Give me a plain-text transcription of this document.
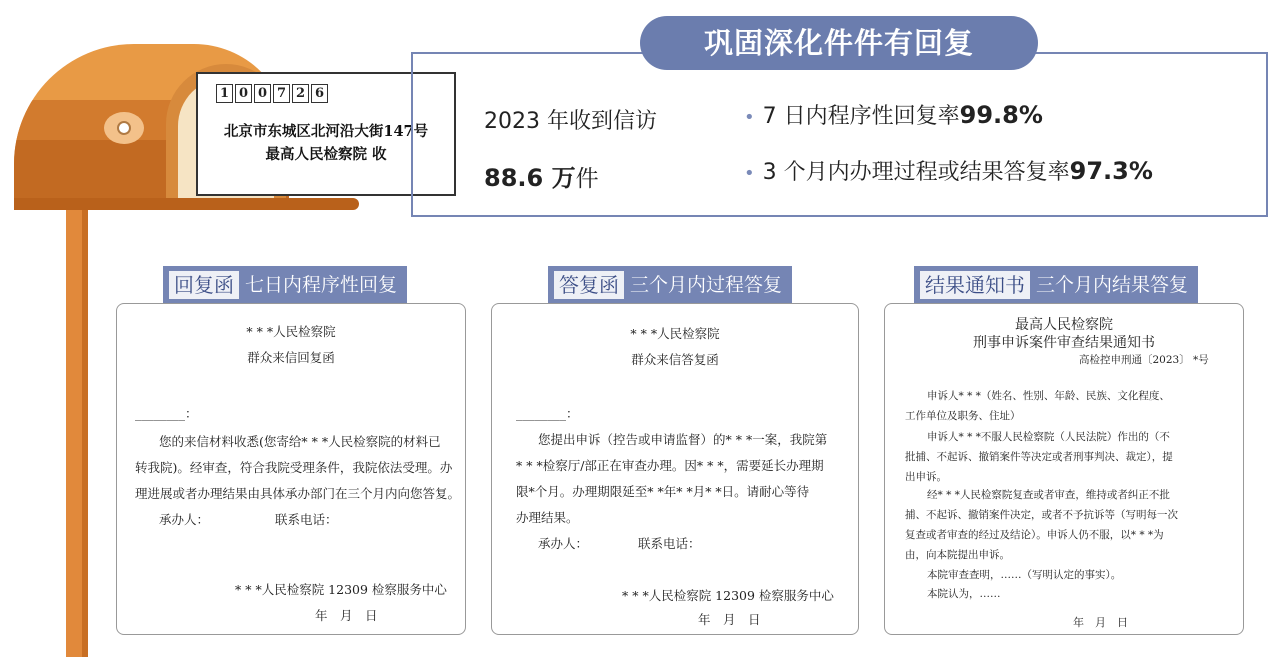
1 0 0 7 2 6
北京市东城区北河沿大街147号
最高人民检察院 收
巩固深化件件有回复
2023 年收到信访
88.6 万件
• 7 日内程序性回复率99.8%
• 3 个月内办理过程或结果答复率97.3%
回复函 七日内程序性回复	答复函 三个月内过程答复	结果通知书 三个月内结果答复
* * *人民检察院
群众来信回复函
________：
您的来信材料收悉(您寄给* * *人民检察院的材料已
转我院)。经审查，符合我院受理条件，我院依法受理。办
理进展或者办理结果由具体承办部门在三个月内向您答复。
承办人：	联系电话：
* * *人民检察院 12309 检察服务中心
年　月　日
* * *人民检察院
群众来信答复函
________：
您提出申诉（控告或申请监督）的* * *一案，我院第
* * *检察厅/部正在审查办理。因* * *，需要延长办理期
限*个月。办理期限延至* *年* *月* *日。请耐心等待
办理结果。
承办人：	联系电话：
* * *人民检察院 12309 检察服务中心
年　月　日
最高人民检察院
刑事申诉案件审查结果通知书
高检控申刑通〔2023〕 *号
申诉人* * *（姓名、性别、年龄、民族、文化程度、
工作单位及职务、住址）
申诉人* * *不服人民检察院（人民法院）作出的（不
批捕、不起诉、撤销案件等决定或者刑事判决、裁定），提
出申诉。
经* * *人民检察院复查或者审查，维持或者纠正不批
捕、不起诉、撤销案件决定，或者不予抗诉等（写明每一次
复查或者审查的经过及结论）。申诉人仍不服，以* * *为
由，向本院提出申诉。
本院审查查明，……（写明认定的事实）。
本院认为，……
年　月　日
